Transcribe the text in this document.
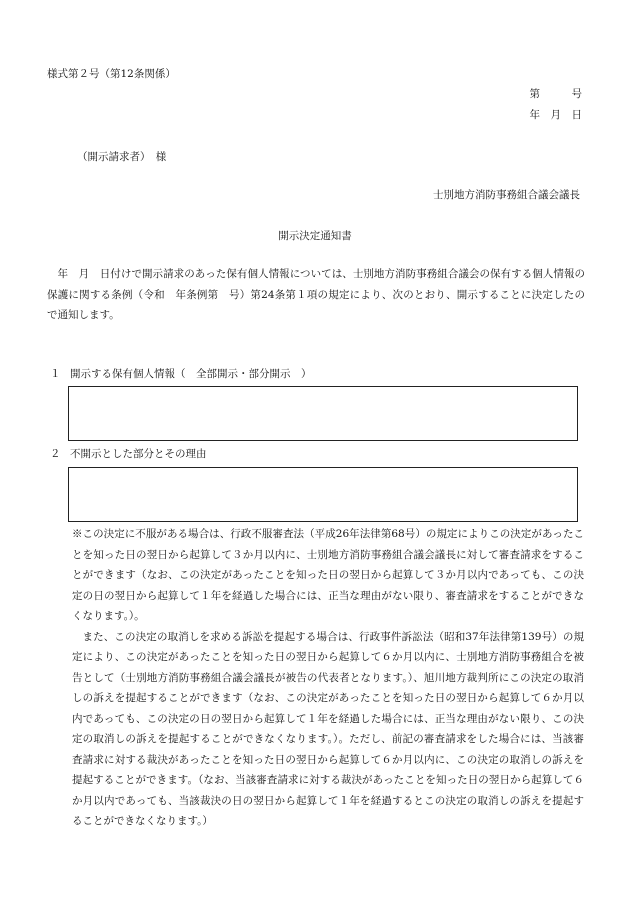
様式第２号（第12条関係）
第　　　号
年　月　日
（開示請求者）　様
士別地方消防事務組合議会議長
開示決定通知書
　年　月　日付けで開示請求のあった保有個人情報については、士別地方消防事務組合議会の保有する個人情報の保護に関する条例（令和　年条例第　号）第24条第１項の規定により、次のとおり、開示することに決定したので通知します。
１ 開示する保有個人情報（　全部開示・部分開示　）
２ 不開示とした部分とその理由

※この決定に不服がある場合は、行政不服審査法（平成26年法律第68号）の規定によりこの決定があったことを知った日の翌日から起算して３か月以内に、士別地方消防事務組合議会議長に対して審査請求をすることができます（なお、この決定があったことを知った日の翌日から起算して３か月以内であっても、この決定の日の翌日から起算して１年を経過した場合には、正当な理由がない限り、審査請求をすることができなくなります。）。

また、この決定の取消しを求める訴訟を提起する場合は、行政事件訴訟法（昭和37年法律第139号）の規定により、この決定があったことを知った日の翌日から起算して６か月以内に、士別地方消防事務組合を被告として（士別地方消防事務組合議会議長が被告の代表者となります。）、旭川地方裁判所にこの決定の取消しの訴えを提起することができます（なお、この決定があったことを知った日の翌日から起算して６か月以内であっても、この決定の日の翌日から起算して１年を経過した場合には、正当な理由がない限り、この決定の取消しの訴えを提起することができなくなります。）。ただし、前記の審査請求をした場合には、当該審査請求に対する裁決があったことを知った日の翌日から起算して６か月以内に、この決定の取消しの訴えを提起することができます。（なお、当該審査請求に対する裁決があったことを知った日の翌日から起算して６か月以内であっても、当該裁決の日の翌日から起算して１年を経過するとこの決定の取消しの訴えを提起することができなくなります。）
